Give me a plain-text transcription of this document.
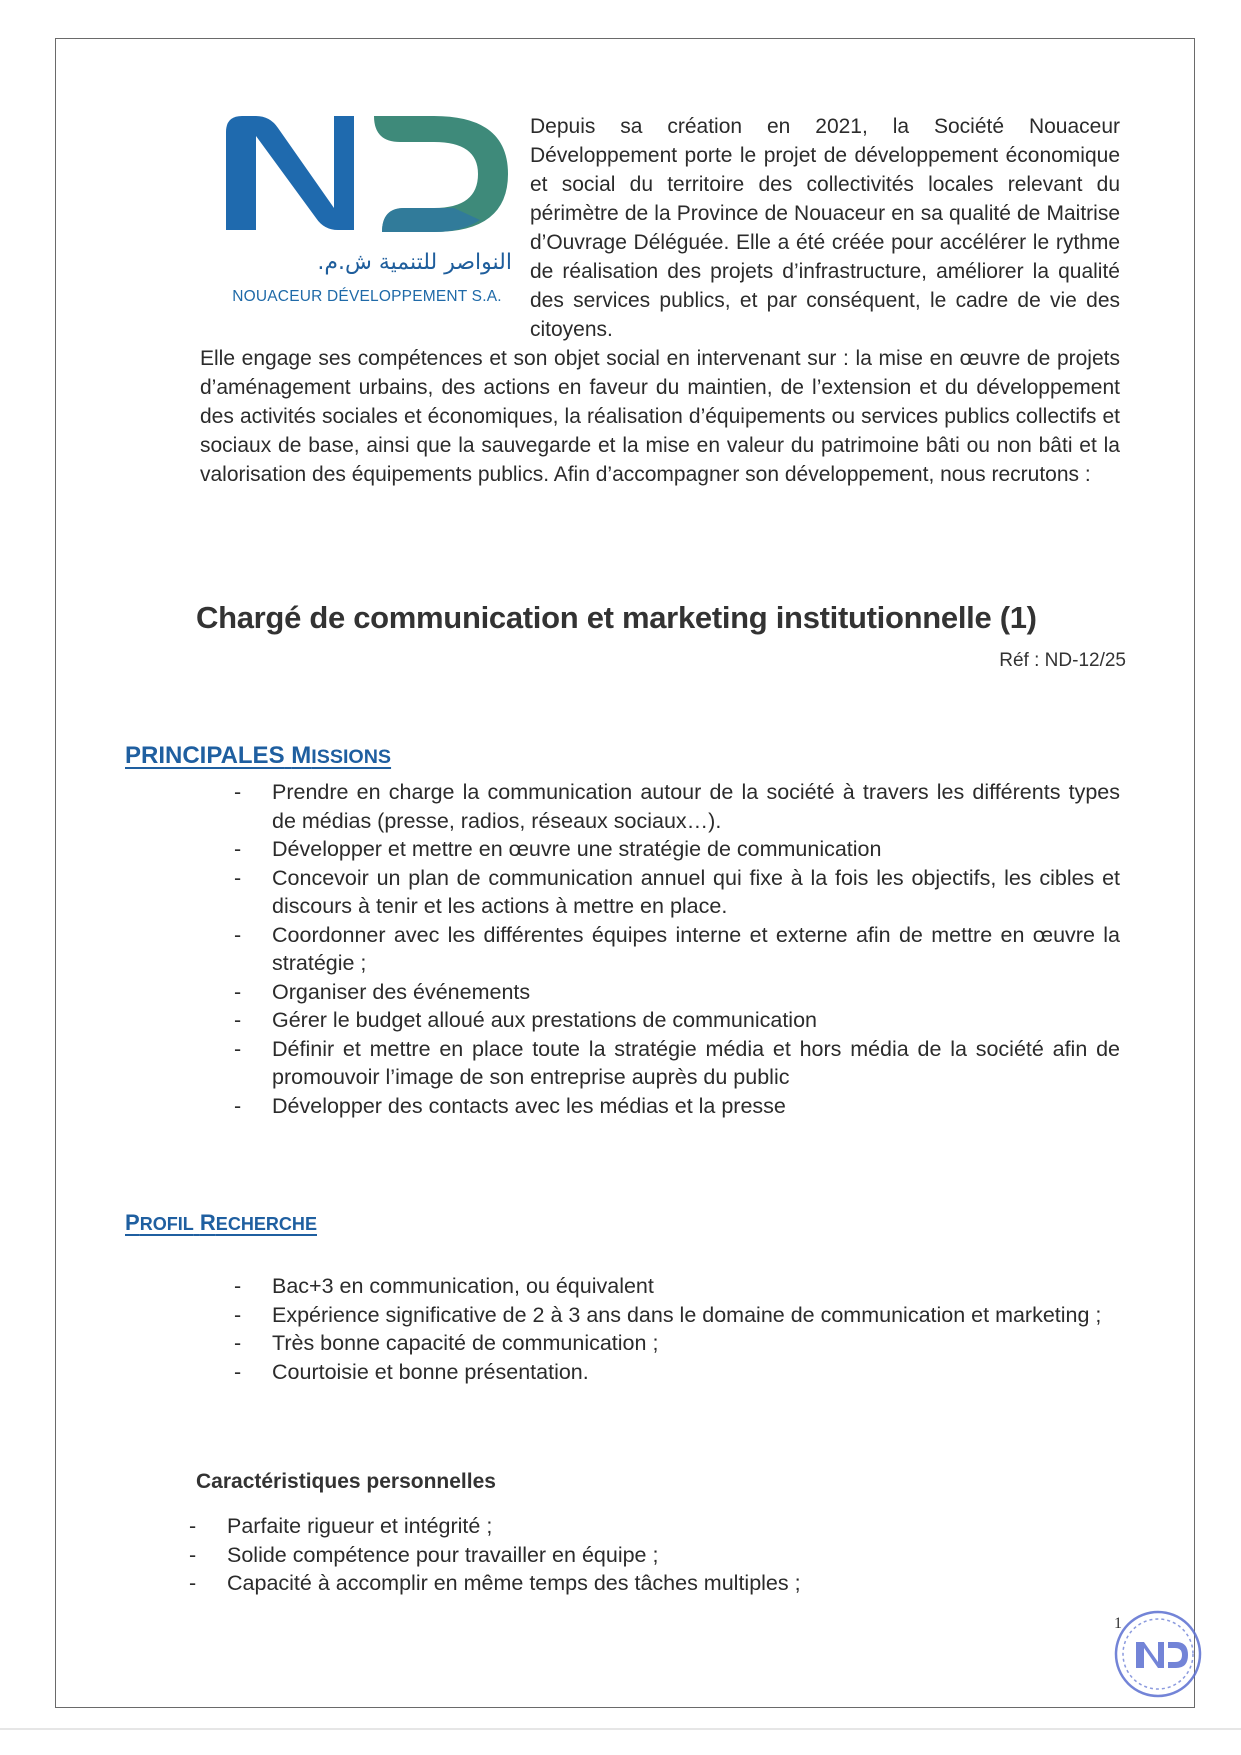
النواصر للتنمية ش.م.
NOUACEUR DÉVELOPPEMENT S.A.

Depuis sa création en 2021, la Société Nouaceur Développement porte le projet de développement économique et social du territoire des collectivités locales relevant du périmètre de la Province de Nouaceur en sa qualité de Maitrise d’Ouvrage Déléguée. Elle a été créée pour accélérer le rythme de réalisation des projets d’infrastructure, améliorer la qualité des services publics, et par conséquent, le cadre de vie des citoyens.

Elle engage ses compétences et son objet social en intervenant sur : la mise en œuvre de projets d’aménagement urbains, des actions en faveur du maintien, de l’extension et du développement des activités sociales et économiques, la réalisation d’équipements ou services publics collectifs et sociaux de base, ainsi que la sauvegarde et la mise en valeur du patrimoine bâti ou non bâti et la valorisation des équipements publics. Afin d’accompagner son développement, nous recrutons :

Chargé de communication et marketing institutionnelle (1)
Réf : ND-12/25
PRINCIPALES MISSIONS
- Prendre en charge la communication autour de la société à travers les différents types de médias (presse, radios, réseaux sociaux…).
- Développer et mettre en œuvre une stratégie de communication
- Concevoir un plan de communication annuel qui fixe à la fois les objectifs, les cibles et discours à tenir et les actions à mettre en place.
- Coordonner avec les différentes équipes interne et externe afin de mettre en œuvre la stratégie ;
- Organiser des événements
- Gérer le budget alloué aux prestations de communication
- Définir et mettre en place toute la stratégie média et hors média de la société afin de promouvoir l’image de son entreprise auprès du public
- Développer des contacts avec les médias et la presse
PROFIL RECHERCHE
- Bac+3 en communication, ou équivalent
- Expérience significative de 2 à 3 ans dans le domaine de communication et marketing ;
- Très bonne capacité de communication ;
- Courtoisie et bonne présentation.
Caractéristiques personnelles
- Parfaite rigueur et intégrité ;
- Solide compétence pour travailler en équipe ;
- Capacité à accomplir en même temps des tâches multiples ;
1
